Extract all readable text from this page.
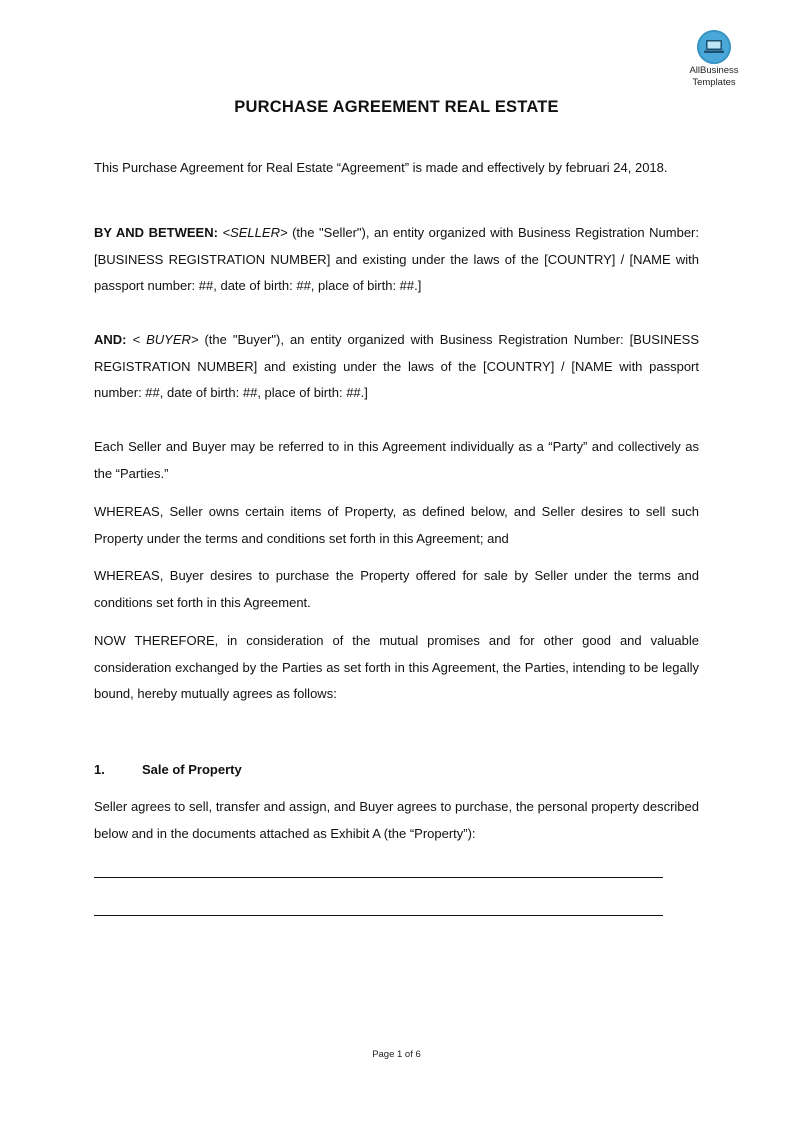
AllBusiness
Templates
PURCHASE AGREEMENT REAL ESTATE
This Purchase Agreement for Real Estate “Agreement” is made and effectively by februari 24, 2018.
BY AND BETWEEN: <SELLER> (the "Seller"), an entity organized with Business Registration Number: [BUSINESS REGISTRATION NUMBER] and existing under the laws of the [COUNTRY] / [NAME with passport number: ##, date of birth: ##, place of birth: ##.]
AND: < BUYER> (the "Buyer"), an entity organized with Business Registration Number: [BUSINESS REGISTRATION NUMBER] and existing under the laws of the [COUNTRY] / [NAME with passport number: ##, date of birth: ##, place of birth: ##.]
Each Seller and Buyer may be referred to in this Agreement individually as a “Party” and collectively as the “Parties.”
WHEREAS, Seller owns certain items of Property, as defined below, and Seller desires to sell such Property under the terms and conditions set forth in this Agreement; and
WHEREAS, Buyer desires to purchase the Property offered for sale by Seller under the terms and conditions set forth in this Agreement.
NOW THEREFORE, in consideration of the mutual promises and for other good and valuable consideration exchanged by the Parties as set forth in this Agreement, the Parties, intending to be legally bound, hereby mutually agrees as follows:
1.	Sale of Property
Seller agrees to sell, transfer and assign, and Buyer agrees to purchase, the personal property described below and in the documents attached as Exhibit A (the “Property”):
Page 1 of 6
